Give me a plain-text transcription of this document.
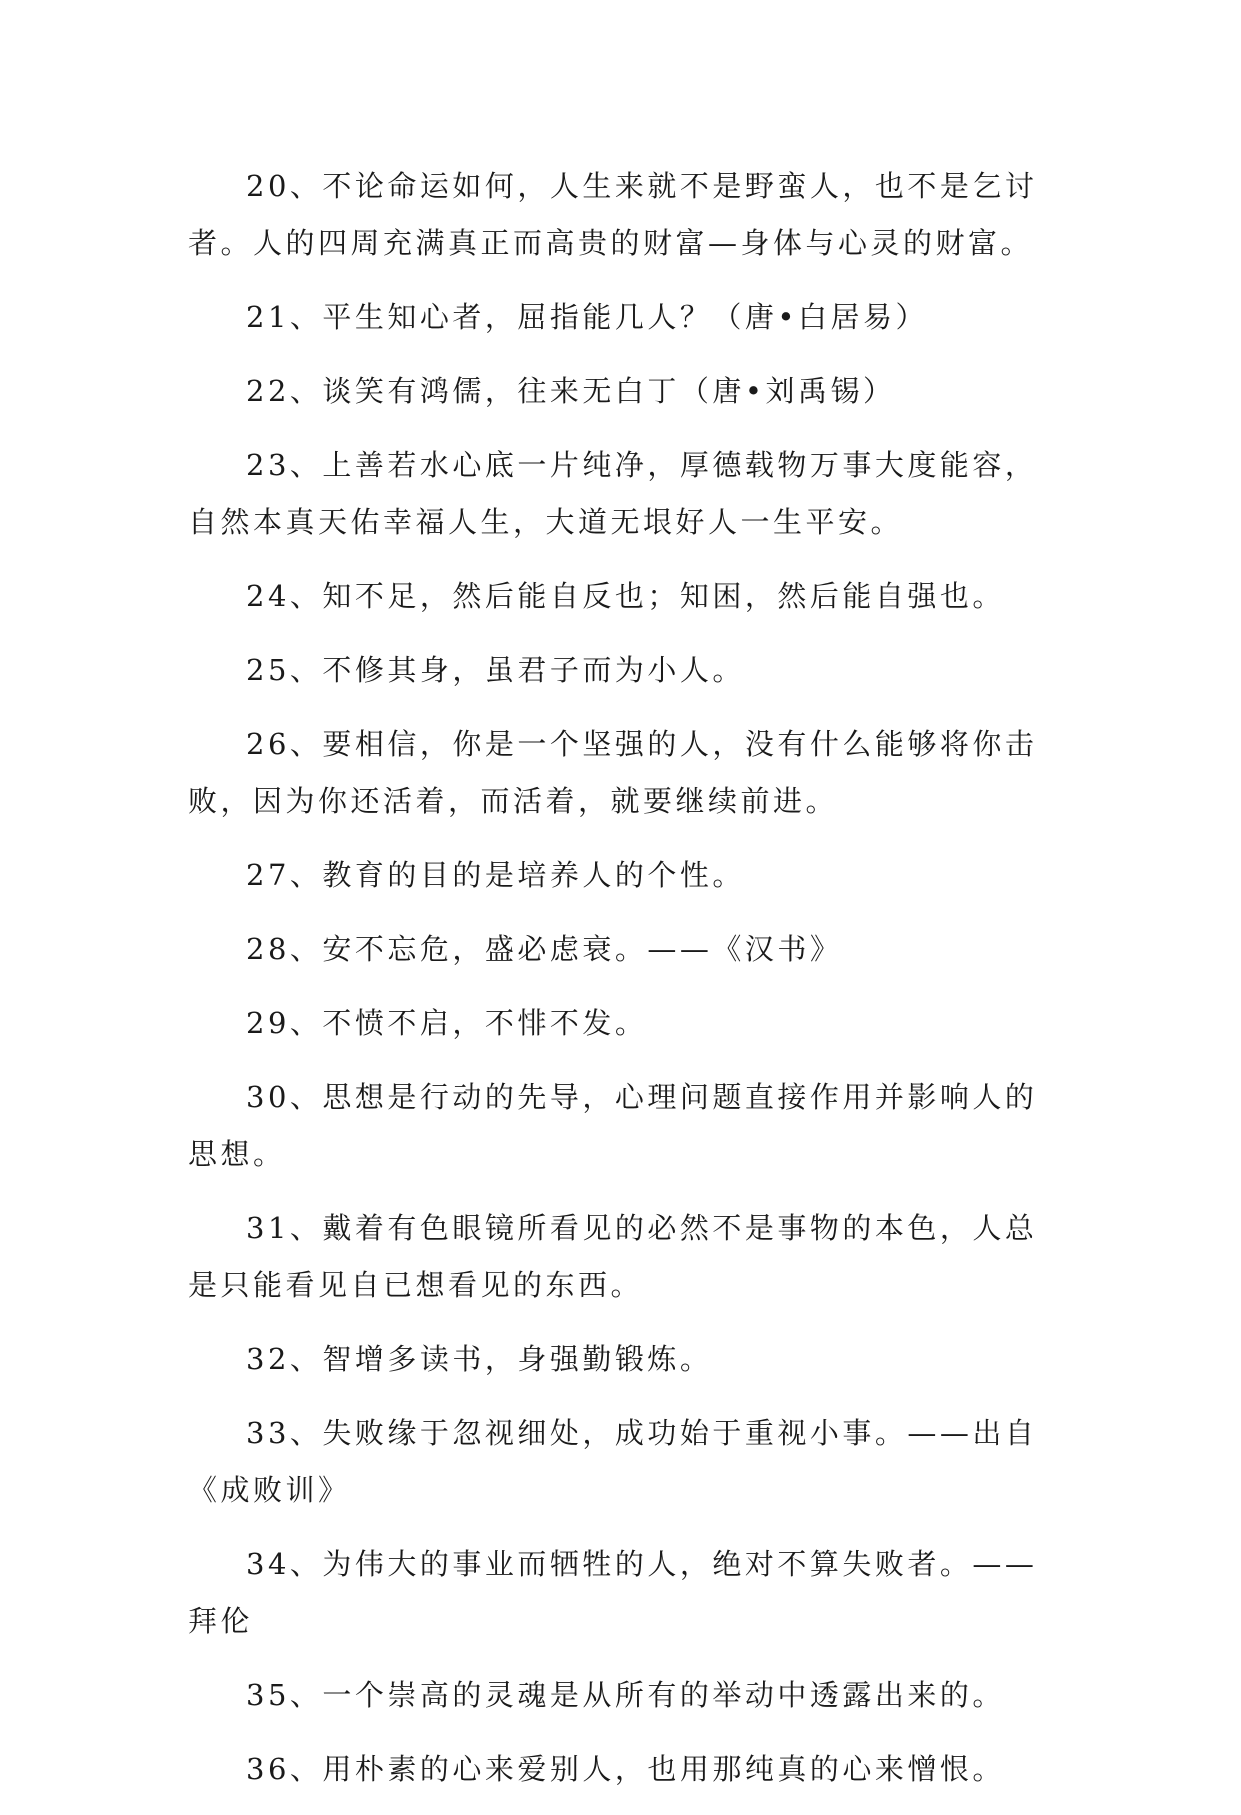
20、不论命运如何，人生来就不是野蛮人，也不是乞讨者。人的四周充满真正而高贵的财富—身体与心灵的财富。

21、平生知心者，屈指能几人？（唐•白居易）

22、谈笑有鸿儒，往来无白丁（唐•刘禹锡）

23、上善若水心底一片纯净，厚德载物万事大度能容，自然本真天佑幸福人生，大道无垠好人一生平安。

24、知不足，然后能自反也；知困，然后能自强也。

25、不修其身，虽君子而为小人。

26、要相信，你是一个坚强的人，没有什么能够将你击败，因为你还活着，而活着，就要继续前进。

27、教育的目的是培养人的个性。

28、安不忘危，盛必虑衰。——《汉书》

29、不愤不启，不悱不发。

30、思想是行动的先导，心理问题直接作用并影响人的思想。

31、戴着有色眼镜所看见的必然不是事物的本色，人总是只能看见自已想看见的东西。

32、智增多读书，身强勤锻炼。

33、失败缘于忽视细处，成功始于重视小事。——出自《成败训》

34、为伟大的事业而牺牲的人，绝对不算失败者。——拜伦

35、一个崇高的灵魂是从所有的举动中透露出来的。

36、用朴素的心来爱别人，也用那纯真的心来憎恨。
